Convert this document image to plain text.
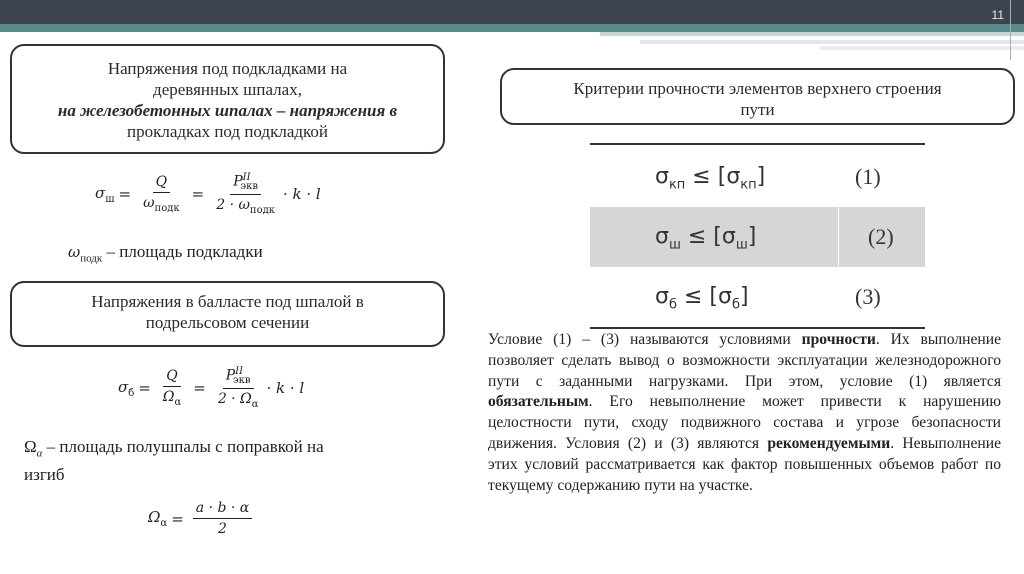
11
Напряжения под подкладками на
деревянных шпалах,
на железобетонных шпалах – напряжения в
прокладках под подкладкой
$\sigma_ш = \frac{Q}{\omega_{подк}} = \frac{P^{II}_{экв}}{2 \cdot \omega_{подк}} \cdot k \cdot l$
$\omega_{подк}$ – площадь подкладки
Напряжения в балласте под шпалой в
подрельсовом сечении
$\sigma_б = \frac{Q}{\Omega_\alpha} = \frac{P^{II}_{экв}}{2 \cdot \Omega_\alpha} \cdot k \cdot l$
$\Omega_\alpha$ – площадь полушпалы с поправкой на
изгиб
$\Omega_\alpha = \frac{a \cdot b \cdot \alpha}{2}$
Критерии прочности элементов верхнего строения
пути
$\sigma_{кп} \le [\sigma_{кп}]$	(1)
$\sigma_ш \le [\sigma_ш]$	(2)
$\sigma_б \le [\sigma_б]$	(3)
Условие (1) – (3) называются условиями прочности. Их выполнение позволяет сделать вывод о возможности эксплуатации железнодорожного пути с заданными нагрузками. При этом, условие (1) является обязательным. Его невыполнение может привести к нарушению целостности пути, сходу подвижного состава и угрозе безопасности движения. Условия (2) и (3) являются рекомендуемыми. Невыполнение этих условий рассматривается как фактор повышенных объемов работ по текущему содержанию пути на участке.
